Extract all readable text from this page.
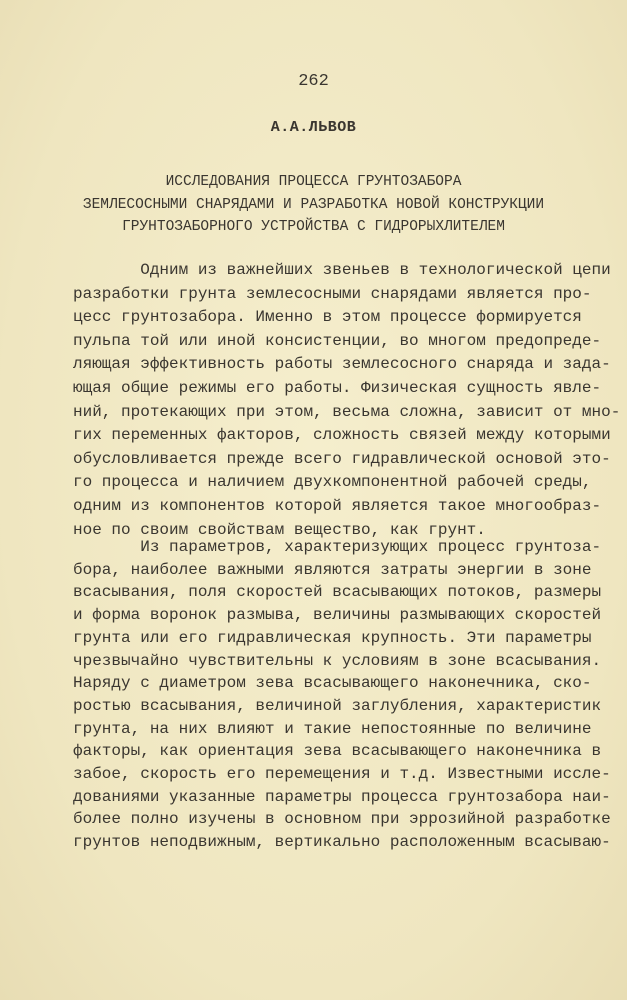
262
А.А.ЛЬВОВ
ИССЛЕДОВАНИЯ ПРОЦЕССА ГРУНТОЗАБОРА
ЗЕМЛЕСОСНЫМИ СНАРЯДАМИ И РАЗРАБОТКА НОВОЙ КОНСТРУКЦИИ
ГРУНТОЗАБОРНОГО УСТРОЙСТВА С ГИДРОРЫХЛИТЕЛЕМ
Одним из важнейших звеньев в технологической цепи
разработки грунта землесосными снарядами является про-
цесс грунтозабора. Именно в этом процессе формируется
пульпа той или иной консистенции, во многом предопреде-
ляющая эффективность работы землесосного снаряда и зада-
ющая общие режимы его работы. Физическая сущность явле-
ний, протекающих при этом, весьма сложна, зависит от мно-
гих переменных факторов, сложность связей между которыми
обусловливается прежде всего гидравлической основой это-
го процесса и наличием двухкомпонентной рабочей среды,
одним из компонентов которой является такое многообраз-
ное по своим свойствам вещество, как грунт.
Из параметров, характеризующих процесс грунтоза-
бора, наиболее важными являются затраты энергии в зоне
всасывания, поля скоростей всасывающих потоков, размеры
и форма воронок размыва, величины размывающих скоростей
грунта или его гидравлическая крупность. Эти параметры
чрезвычайно чувствительны к условиям в зоне всасывания.
Наряду с диаметром зева всасывающего наконечника, ско-
ростью всасывания, величиной заглубления, характеристик
грунта, на них влияют и такие непостоянные по величине
факторы, как ориентация зева всасывающего наконечника в
забое, скорость его перемещения и т.д. Известными иссле-
дованиями указанные параметры процесса грунтозабора наи-
более полно изучены в основном при эррозийной разработке
грунтов неподвижным, вертикально расположенным всасываю-
